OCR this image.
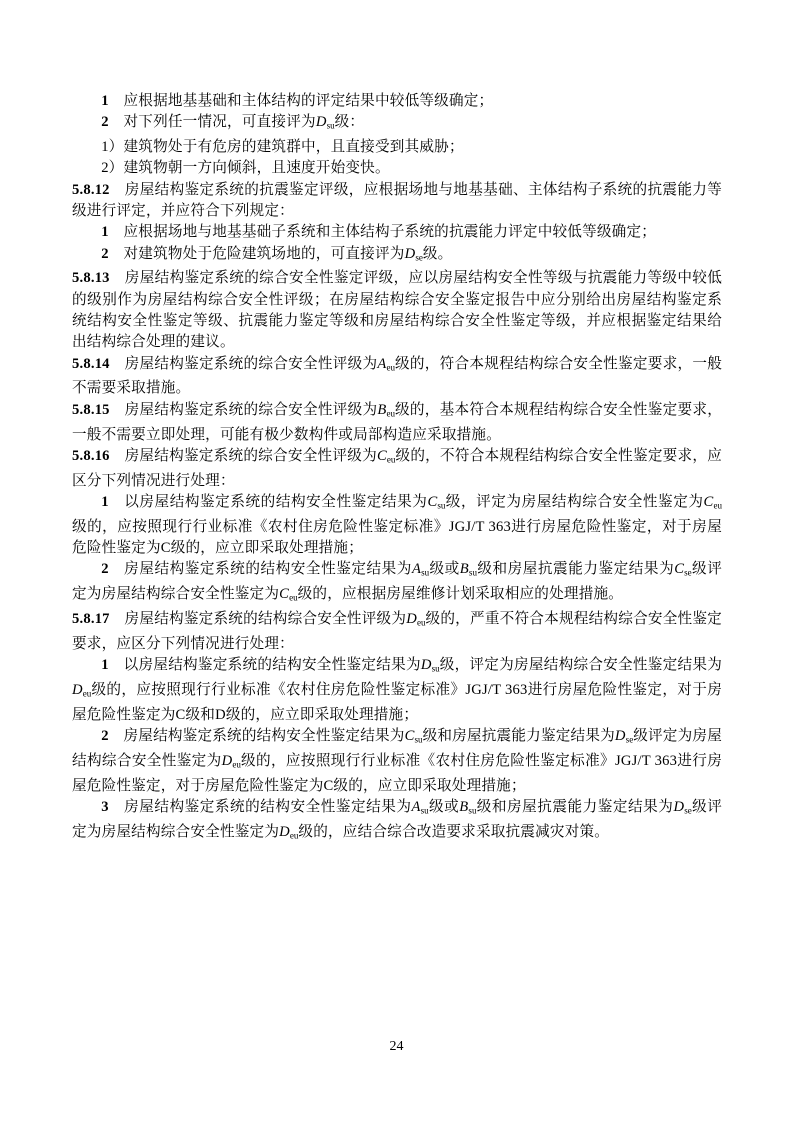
1　应根据地基基础和主体结构的评定结果中较低等级确定；

2　对下列任一情况，可直接评为$D_{su}$级：

1）建筑物处于有危房的建筑群中，且直接受到其威胁；

2）建筑物朝一方向倾斜，且速度开始变快。

5.8.12　房屋结构鉴定系统的抗震鉴定评级，应根据场地与地基基础、主体结构子系统的抗震能力等级进行评定，并应符合下列规定：

1　应根据场地与地基基础子系统和主体结构子系统的抗震能力评定中较低等级确定；

2　对建筑物处于危险建筑场地的，可直接评为$D_{se}$级。

5.8.13　房屋结构鉴定系统的综合安全性鉴定评级，应以房屋结构安全性等级与抗震能力等级中较低的级别作为房屋结构综合安全性评级；在房屋结构综合安全鉴定报告中应分别给出房屋结构鉴定系统结构安全性鉴定等级、抗震能力鉴定等级和房屋结构综合安全性鉴定等级，并应根据鉴定结果给出结构综合处理的建议。

5.8.14　房屋结构鉴定系统的综合安全性评级为$A_{eu}$级的，符合本规程结构综合安全性鉴定要求，一般不需要采取措施。

5.8.15　房屋结构鉴定系统的综合安全性评级为$B_{eu}$级的，基本符合本规程结构综合安全性鉴定要求，一般不需要立即处理，可能有极少数构件或局部构造应采取措施。

5.8.16　房屋结构鉴定系统的综合安全性评级为$C_{eu}$级的，不符合本规程结构综合安全性鉴定要求，应区分下列情况进行处理：

1　以房屋结构鉴定系统的结构安全性鉴定结果为$C_{su}$级，评定为房屋结构综合安全性鉴定为$C_{eu}$级的，应按照现行行业标准《农村住房危险性鉴定标准》JGJ/T 363进行房屋危险性鉴定，对于房屋危险性鉴定为C级的，应立即采取处理措施；

2　房屋结构鉴定系统的结构安全性鉴定结果为$A_{su}$级或$B_{su}$级和房屋抗震能力鉴定结果为$C_{se}$级评定为房屋结构综合安全性鉴定为$C_{eu}$级的，应根据房屋维修计划采取相应的处理措施。

5.8.17　房屋结构鉴定系统的结构综合安全性评级为$D_{eu}$级的，严重不符合本规程结构综合安全性鉴定要求，应区分下列情况进行处理：

1　以房屋结构鉴定系统的结构安全性鉴定结果为$D_{su}$级，评定为房屋结构综合安全性鉴定结果为$D_{eu}$级的，应按照现行行业标准《农村住房危险性鉴定标准》JGJ/T 363进行房屋危险性鉴定，对于房屋危险性鉴定为C级和D级的，应立即采取处理措施；

2　房屋结构鉴定系统的结构安全性鉴定结果为$C_{su}$级和房屋抗震能力鉴定结果为$D_{se}$级评定为房屋结构综合安全性鉴定为$D_{eu}$级的，应按照现行行业标准《农村住房危险性鉴定标准》JGJ/T 363进行房屋危险性鉴定，对于房屋危险性鉴定为C级的，应立即采取处理措施；

3　房屋结构鉴定系统的结构安全性鉴定结果为$A_{su}$级或$B_{su}$级和房屋抗震能力鉴定结果为$D_{se}$级评定为房屋结构综合安全性鉴定为$D_{eu}$级的，应结合综合改造要求采取抗震减灾对策。

24
